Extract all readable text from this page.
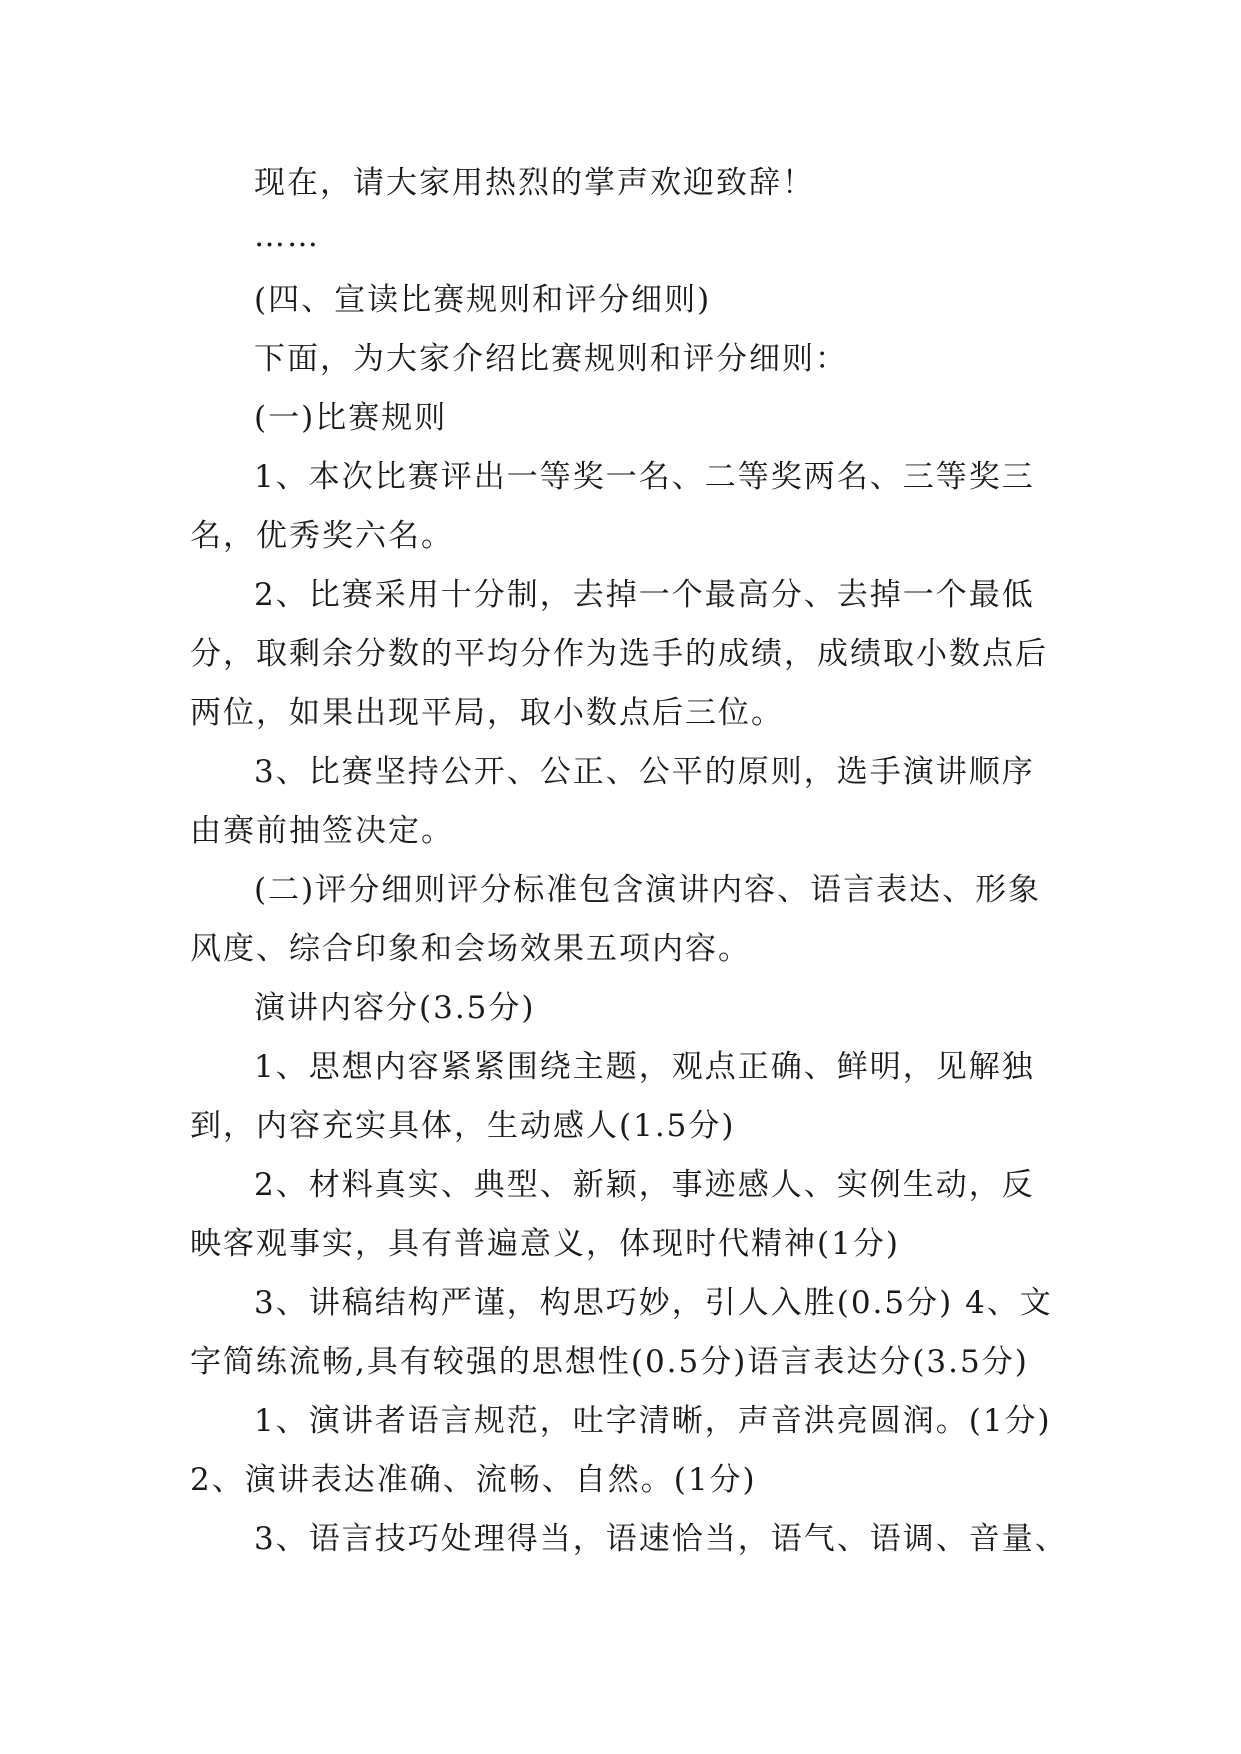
现在，请大家用热烈的掌声欢迎致辞！
……
(四、宣读比赛规则和评分细则)
下面，为大家介绍比赛规则和评分细则：
(一)比赛规则
1、本次比赛评出一等奖一名、二等奖两名、三等奖三
名，优秀奖六名。
2、比赛采用十分制，去掉一个最高分、去掉一个最低
分，取剩余分数的平均分作为选手的成绩，成绩取小数点后
两位，如果出现平局，取小数点后三位。
3、比赛坚持公开、公正、公平的原则，选手演讲顺序
由赛前抽签决定。
(二)评分细则评分标准包含演讲内容、语言表达、形象
风度、综合印象和会场效果五项内容。
演讲内容分(3.5分)
1、思想内容紧紧围绕主题，观点正确、鲜明，见解独
到，内容充实具体，生动感人(1.5分)
2、材料真实、典型、新颖，事迹感人、实例生动，反
映客观事实，具有普遍意义，体现时代精神(1分)
3、讲稿结构严谨，构思巧妙，引人入胜(0.5分) 4、文
字简练流畅,具有较强的思想性(0.5分)语言表达分(3.5分)
1、演讲者语言规范，吐字清晰，声音洪亮圆润。(1分)
2、演讲表达准确、流畅、自然。(1分)
3、语言技巧处理得当，语速恰当，语气、语调、音量、
